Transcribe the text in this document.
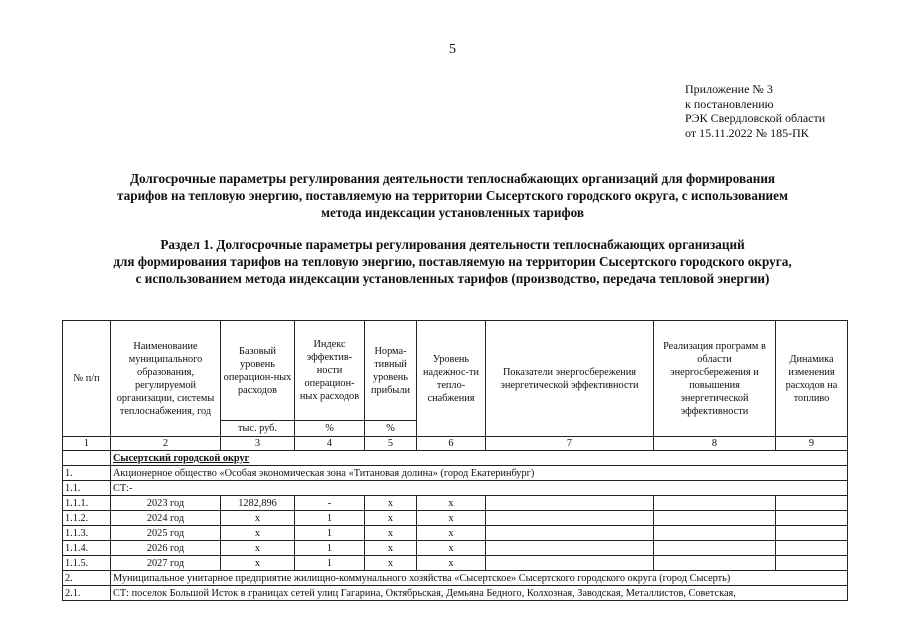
5
Приложение № 3
к постановлению
РЭК Свердловской области
от 15.11.2022 № 185-ПК
Долгосрочные параметры регулирования деятельности теплоснабжающих организаций для формирования
тарифов на тепловую энергию, поставляемую на территории Сысертского городского округа, с использованием
метода индексации установленных тарифов
Раздел 1. Долгосрочные параметры регулирования деятельности теплоснабжающих организаций
для формирования тарифов на тепловую энергию, поставляемую на территории Сысертского городского округа,
с использованием метода индексации установленных тарифов (производство, передача тепловой энергии)
№ п/п	Наименование муниципального образования, регулируемой организации, системы теплоснабжения, год	Базовый уровень операцион-ных расходов	Индекс эффектив-ности операцион-ных расходов	Норма-тивный уровень прибыли	Уровень надежнос-ти тепло-снабжения	Показатели энергосбережения энергетической эффективности	Реализация программ в области энергосбережения и повышения энергетической эффективности	Динамика изменения расходов на топливо
		тыс. руб.	%	%				
1	2	3	4	5	6	7	8	9
	Сысертский городской округ							
1.	Акционерное общество «Особая экономическая зона «Титановая долина» (город Екатеринбург)							
1.1.	СТ:-							
1.1.1.	2023 год	1282,896	-	х	х			
1.1.2.	2024 год	х	1	х	х			
1.1.3.	2025 год	х	1	х	х			
1.1.4.	2026 год	х	1	х	х			
1.1.5.	2027 год	х	1	х	х			
2.	Муниципальное унитарное предприятие жилищно-коммунального хозяйства «Сысертское» Сысертского городского округа (город Сысерть)							
2.1.	СТ: поселок Большой Исток в границах сетей улиц Гагарина, Октябрьская, Демьяна Бедного, Колхозная, Заводская, Металлистов, Советская,							
